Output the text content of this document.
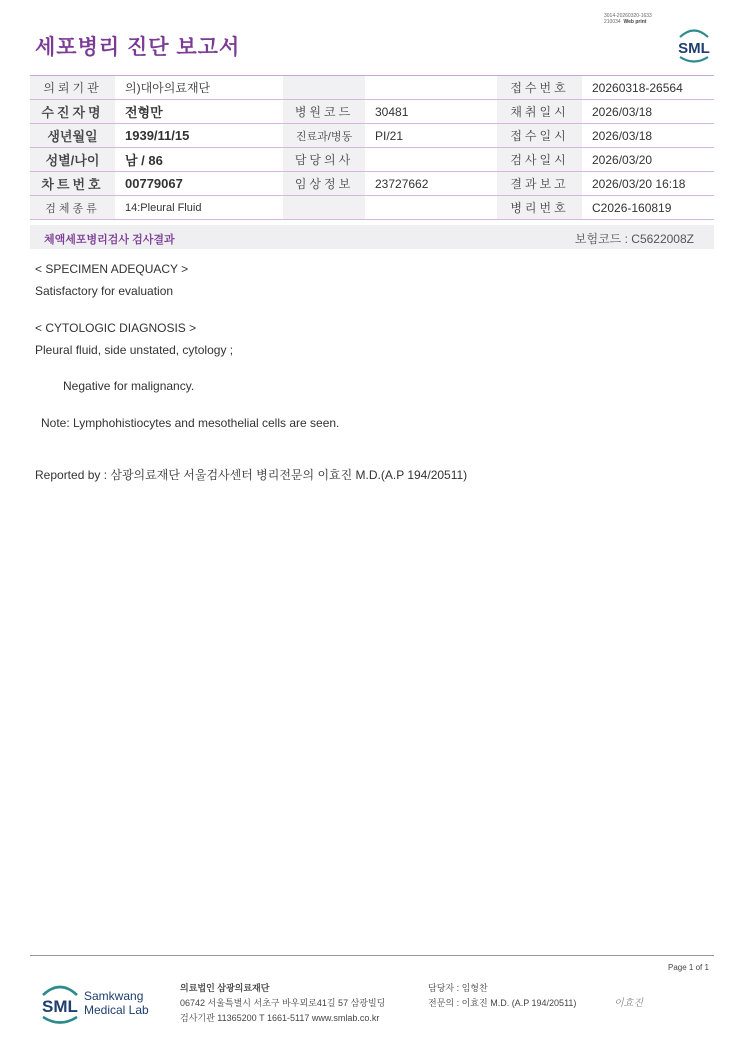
3014-20260320-1633
210034 Web print
세포병리 진단 보고서	SML
의뢰기관	의)대아의료재단			접수번호	20260318-26564
수진자명	전형만	병원코드	30481	채취일시	2026/03/18
생년월일	1939/11/15	진료과/병동	PI/21	접수일시	2026/03/18
성별/나이	남 / 86	담당의사		검사일시	2026/03/20
차트번호	00779067	임상정보	23727662	결과보고	2026/03/20 16:18
검체종류	14:Pleural Fluid			병리번호	C2026-160819
체액세포병리검사 검사결과	보험코드 : C5622008Z
< SPECIMEN ADEQUACY >
Satisfactory for evaluation
< CYTOLOGIC DIAGNOSIS >
Pleural fluid, side unstated, cytology ;
Negative for malignancy.
Note: Lymphohistiocytes and mesothelial cells are seen.
Reported by : 삼광의료재단 서울검사센터 병리전문의 이효진 M.D.(A.P 194/20511)
Page 1 of 1
SML
Samkwang
Medical Lab
의료법인 삼광의료재단
06742 서울특별시 서초구 바우뫼로41길 57 삼광빌딩
검사기관 11365200 T 1661-5117 www.smlab.co.kr
담당자 : 임형찬
전문의 : 이효진 M.D. (A.P 194/20511)	이효진
